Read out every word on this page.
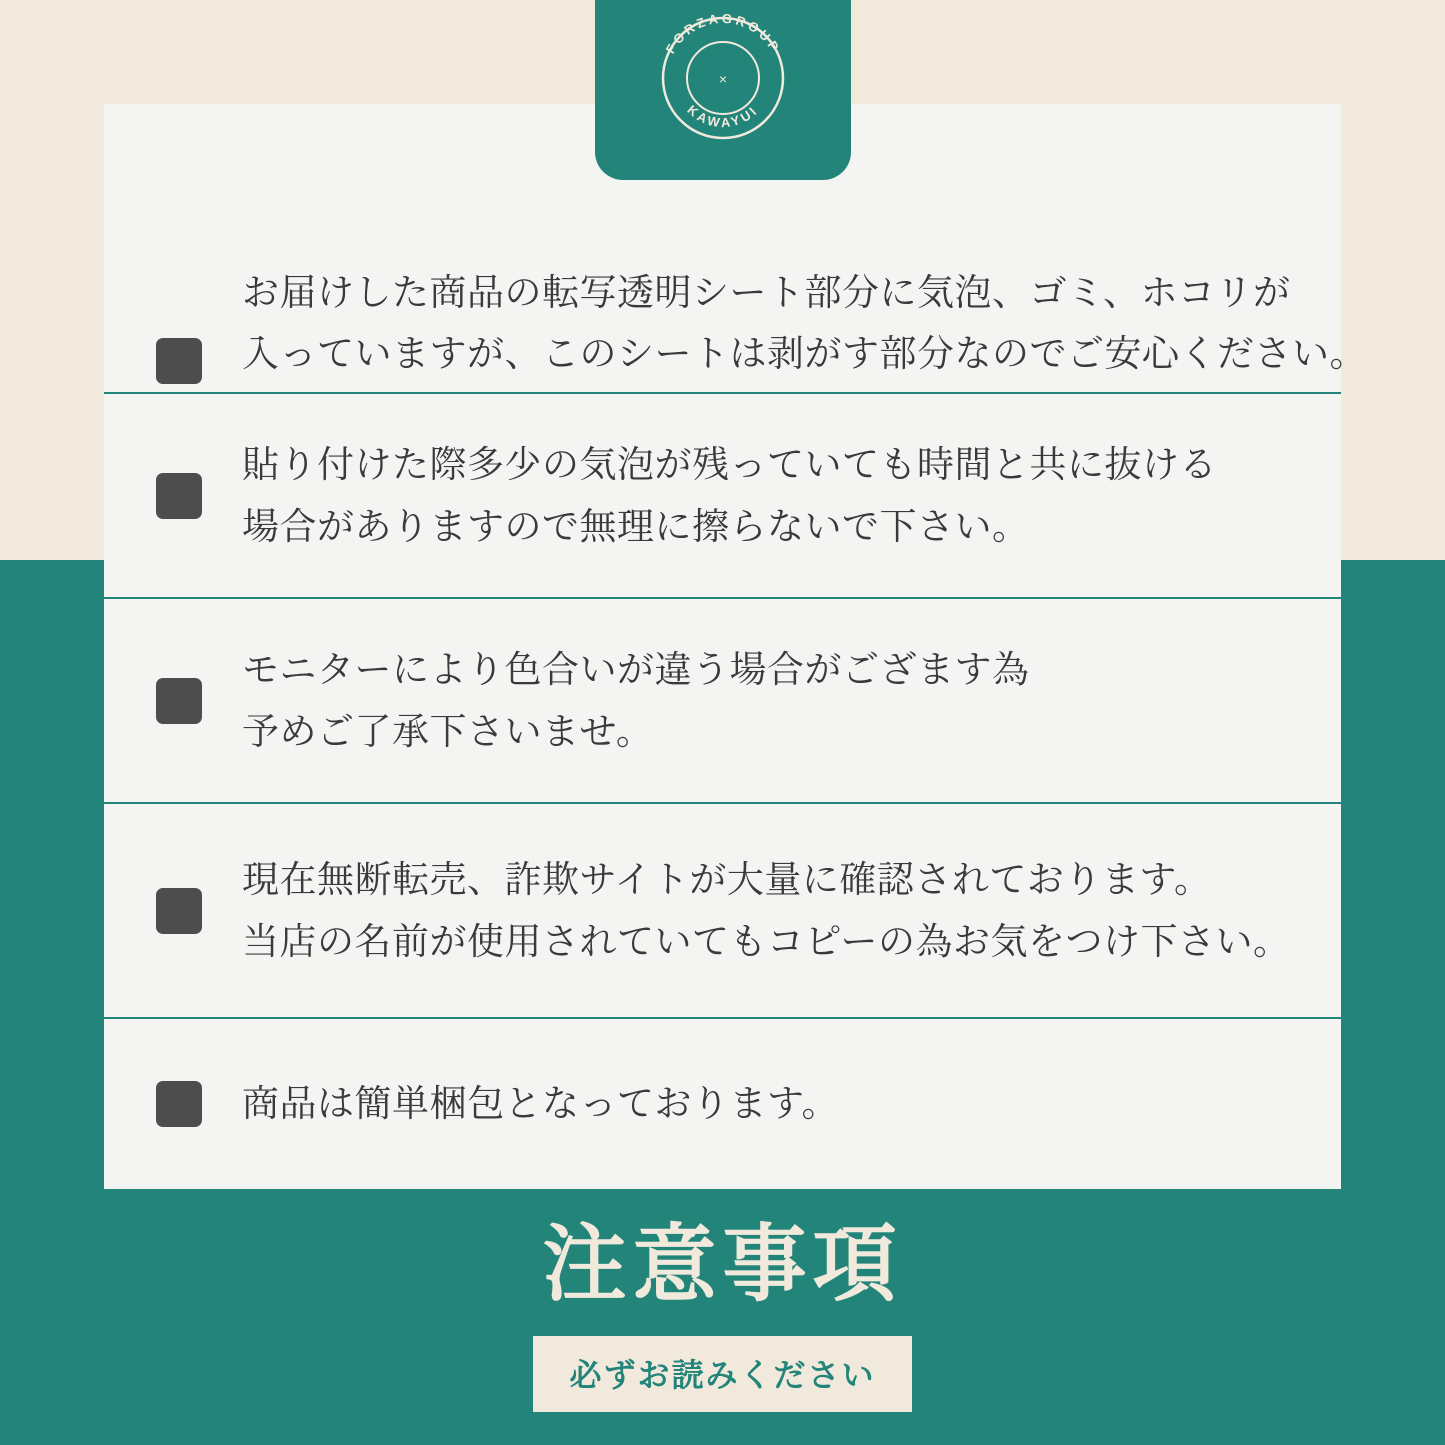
FORZAGROUP
KAWAYUI
×
お届けした商品の転写透明シート部分に気泡、ゴミ、ホコリが
入っていますが、このシートは剥がす部分なのでご安心ください。
貼り付けた際多少の気泡が残っていても時間と共に抜ける
場合がありますので無理に擦らないで下さい。
モニターにより色合いが違う場合がござます為
予めご了承下さいませ。
現在無断転売、詐欺サイトが大量に確認されております。
当店の名前が使用されていてもコピーの為お気をつけ下さい。
商品は簡単梱包となっております。
注意事項
必ずお読みください
